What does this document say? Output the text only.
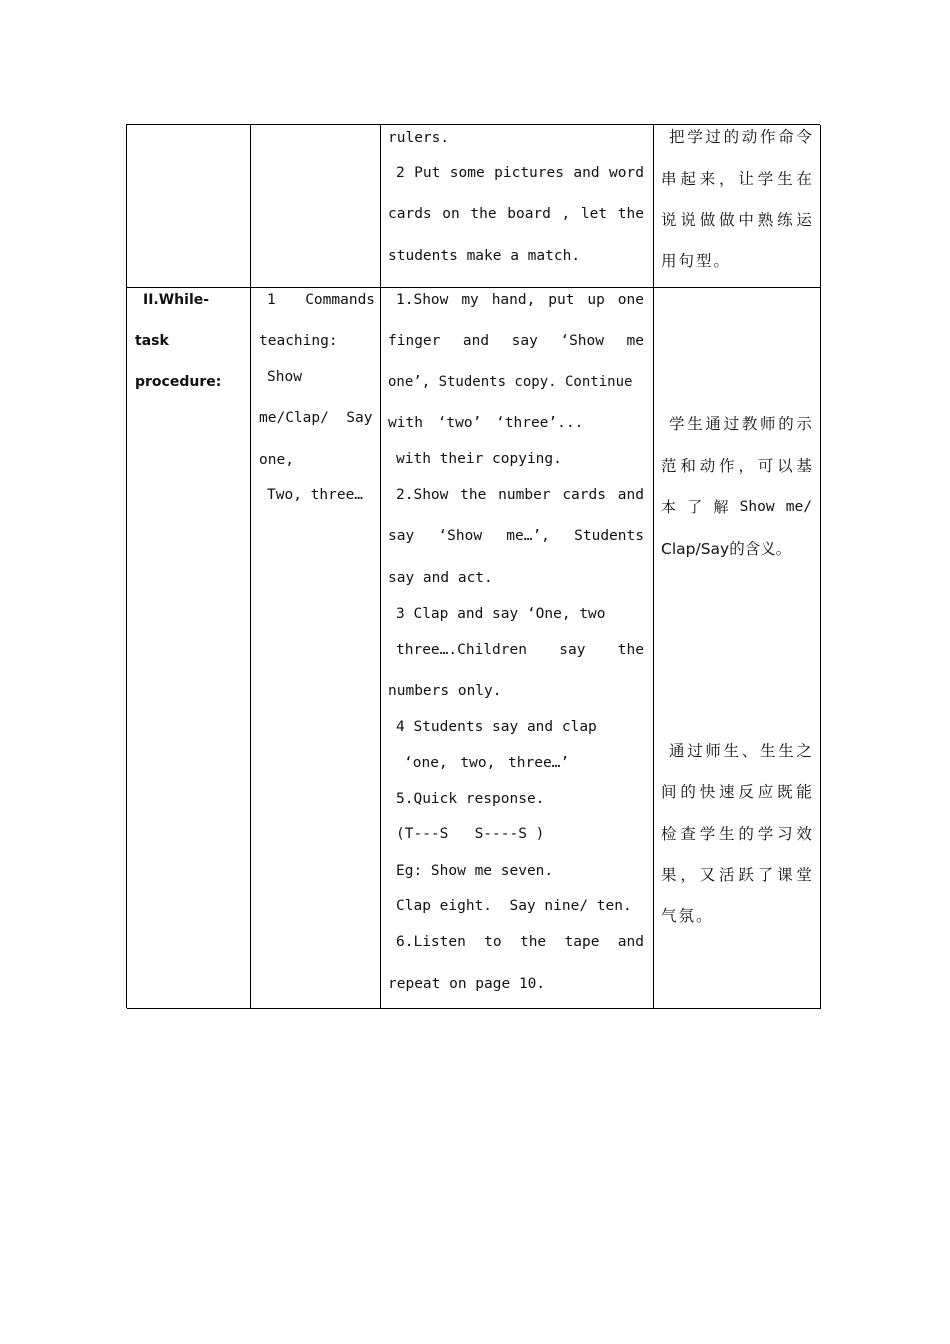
rulers.
2 Put some pictures and word
cards on the board , let the
students make a match.
把 学 过 的 动 作 命 令
串 起 来 ， 让 学 生 在
说 说 做 做 中 熟 练 运
用句型。
II.While-
task
procedure:
1  Commands
teaching:
Show
me/Clap/  Say
one,
Two, three…
1.Show my hand, put up one
finger and say ‘Show me
one’, Students copy. Continue
with ‘two’ ‘three’...
with their copying.
2.Show the number cards and
say ‘Show me…’, Students
say and act.
3 Clap and say ‘One, two
three….Children say the
numbers only.
4 Students say and clap
‘one, two, three…’
5.Quick response.
(T---S   S----S )
Eg: Show me seven.
Clap eight.  Say nine/ ten.
6.Listen to the tape and
repeat on page 10.
学 生 通 过 教 师 的 示
范 和 动 作 ， 可 以 基
本 了 解 Show me/
Clap/Say的含义。
通 过 师 生 、 生 生 之
间 的 快 速 反 应 既 能
检 查 学 生 的 学 习 效
果 ， 又 活 跃 了 课 堂
气氛。
